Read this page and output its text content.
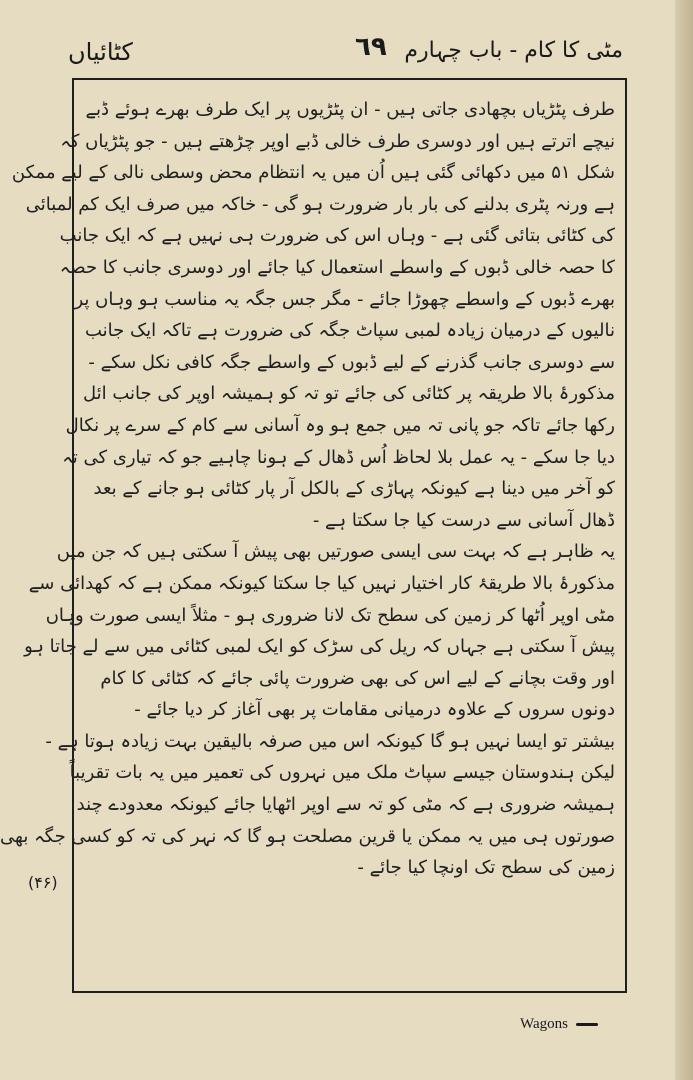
کٹائیاں	٦٩ مٹی کا کام - باب چہارم
طرف پٹڑیاں بچھادی جاتی ہیں - ان پٹڑیوں پر ایک طرف بھرے ہوئے ڈبے
نیچے اترتے ہیں اور دوسری طرف خالی ڈبے اوپر چڑھتے ہیں - جو پٹڑیاں کہ
شکل ۵۱ میں دکھائی گئی ہیں اُن میں یہ انتظام محض وسطی نالی کے لیے ممکن
ہے ورنہ پٹری بدلنے کی بار بار ضرورت ہو گی - خاکہ میں صرف ایک کم لمبائی
کی کٹائی بتائی گئی ہے - وہاں اس کی ضرورت ہی نہیں ہے کہ ایک جانب
کا حصہ خالی ڈبوں کے واسطے استعمال کیا جائے اور دوسری جانب کا حصہ
بھرے ڈبوں کے واسطے چھوڑا جائے - مگر جس جگہ یہ مناسب ہو وہاں پر
نالیوں کے درمیان زیادہ لمبی سپاٹ جگہ کی ضرورت ہے تاکہ ایک جانب
سے دوسری جانب گذرنے کے لیے ڈبوں کے واسطے جگہ کافی نکل سکے -
مذکورۂ بالا طریقہ پر کٹائی کی جائے تو تہ کو ہمیشہ اوپر کی جانب ائل
رکھا جائے تاکہ جو پانی تہ میں جمع ہو وہ آسانی سے کام کے سرے پر نکال
دیا جا سکے - یہ عمل بلا لحاظ اُس ڈھال کے ہونا چاہیے جو کہ تیاری کی تہ
کو آخر میں دینا ہے کیونکہ پہاڑی کے بالکل آر پار کٹائی ہو جانے کے بعد
ڈھال آسانی سے درست کیا جا سکتا ہے -
یہ ظاہر ہے کہ بہت سی ایسی صورتیں بھی پیش آ سکتی ہیں کہ جن میں
مذکورۂ بالا طریقۂ کار اختیار نہیں کیا جا سکتا کیونکہ ممکن ہے کہ کھدائی سے
مٹی اوپر اُٹھا کر زمین کی سطح تک لانا ضروری ہو - مثلاً ایسی صورت وہاں
پیش آ سکتی ہے جہاں کہ ریل کی سڑک کو ایک لمبی کٹائی میں سے لے جاتا ہو
اور وقت بچانے کے لیے اس کی بھی ضرورت پائی جائے کہ کٹائی کا کام
دونوں سروں کے علاوہ درمیانی مقامات پر بھی آغاز کر دیا جائے -
بیشتر تو ایسا نہیں ہو گا کیونکہ اس میں صرفہ بالیقین بہت زیادہ ہوتا ہے -
لیکن ہندوستان جیسے سپاٹ ملک میں نہروں کی تعمیر میں یہ بات تقریباً
ہمیشہ ضروری ہے کہ مٹی کو تہ سے اوپر اٹھایا جائے کیونکہ معدودے چند
صورتوں ہی میں یہ ممکن یا قرین مصلحت ہو گا کہ نہر کی تہ کو کسی جگہ بھی
زمین کی سطح تک اونچا کیا جائے -
(۴۶)
Wagons
